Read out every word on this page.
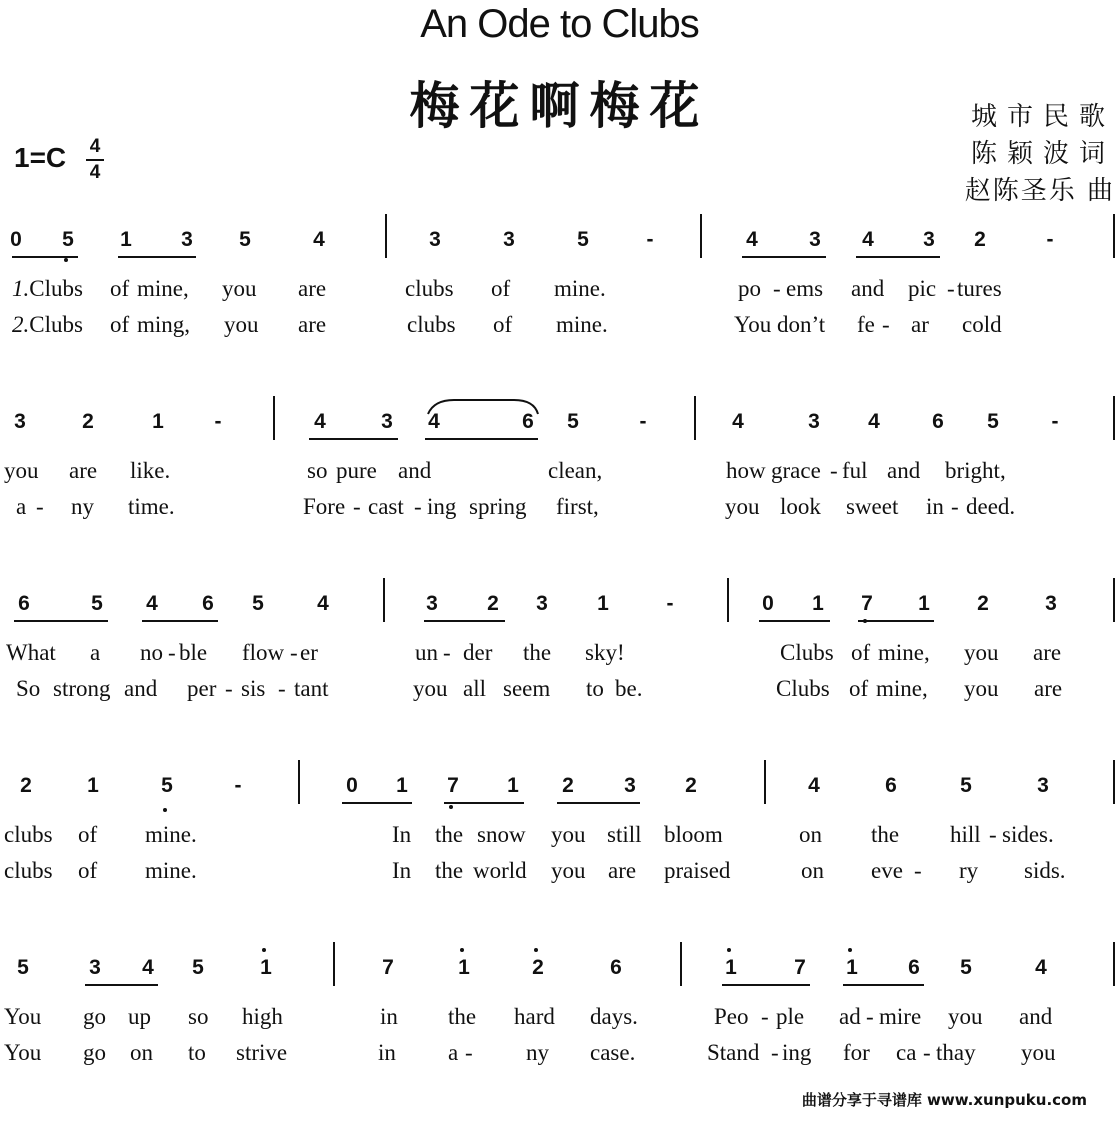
An Ode to Clubs
梅花啊梅花	城市民歌
陈颖波词
赵陈圣乐 曲
1=C 4
4
0 5 1 3 5	4	3	3	5	-	4 3 4 3 2	-
1.Clubs of mine, you are	clubs of mine.	po - ems and pic - tures
2.Clubs of ming, you are	clubs of mine.	You don’t fe - ar cold
3	2	1	-	4	3 4	6 5	-	4	3 4 6 5	-
you are like.	so pure and	clean,	how grace - ful and bright,
a - ny time.	Fore - cast - ing spring first,	you look sweet in - deed.
6	5 4 6 5	4	3 2 3 1	-	0 1 7 1 2	3
What a no - ble flow - er	un - der the sky!	Clubs of mine, you are
So strong and per - sis - tant	you all seem to be.	Clubs of mine, you are
2	1	5	-	0 1 7 1 2 3 2	4	6	5	3
clubs of mine.	In the snow you still bloom	on the hill - sides.
clubs of mine.	In the world you are praised	on eve - ry sids.
5	3 4 5	1	7	1	2	6	1	7 1 6 5	4
You go up so high	in the hard days.	Peo - ple ad - mire you and
You go on to strive	in a - ny case.	Stand - ing for ca - thay you
曲谱分享于寻谱库 www.xunpuku.com
